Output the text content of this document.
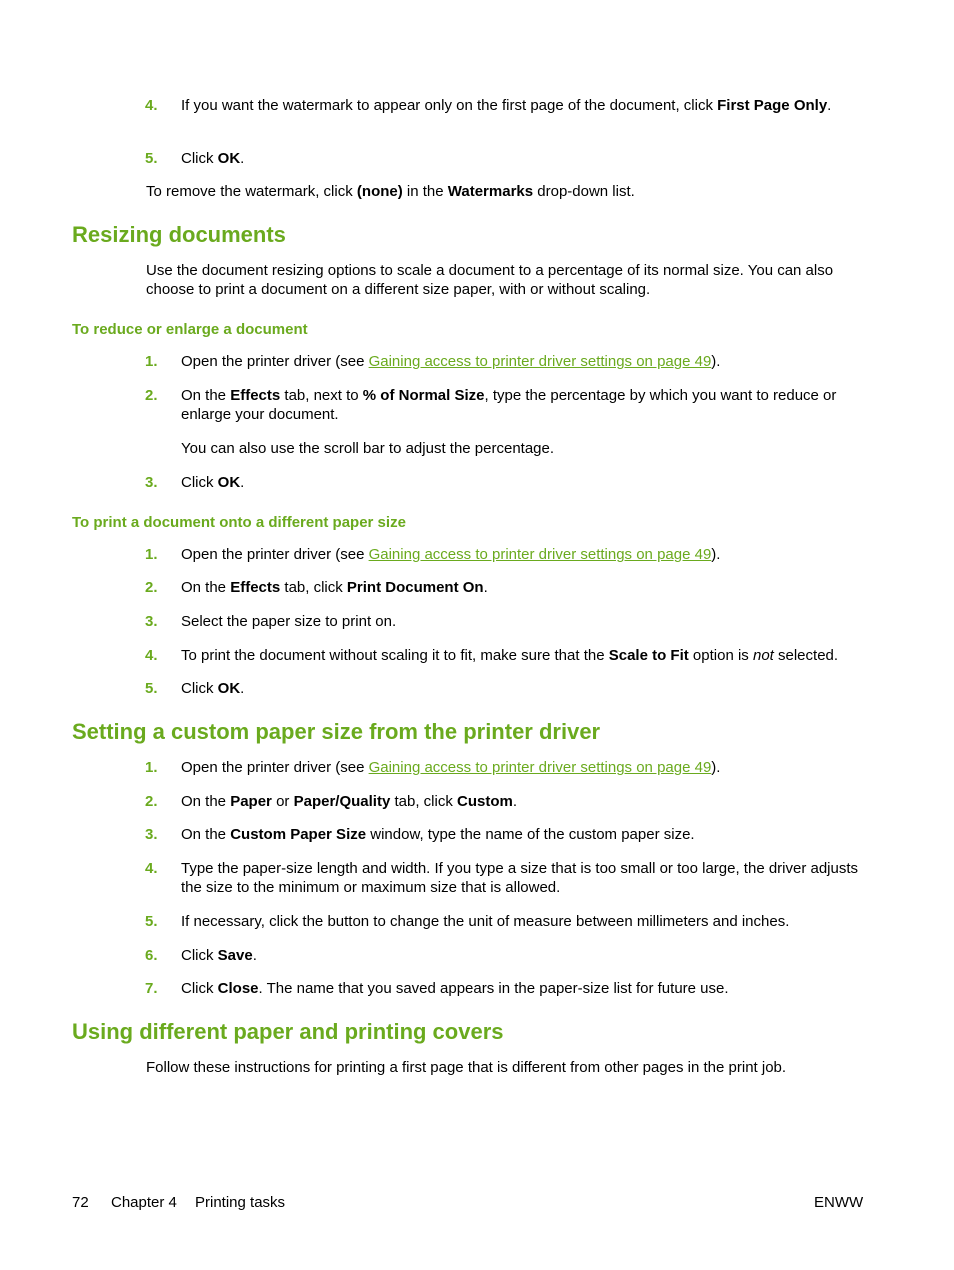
4. If you want the watermark to appear only on the first page of the document, click First Page Only.
5. Click OK.
To remove the watermark, click (none) in the Watermarks drop-down list.
Resizing documents
Use the document resizing options to scale a document to a percentage of its normal size. You can also choose to print a document on a different size paper, with or without scaling.
To reduce or enlarge a document
1. Open the printer driver (see Gaining access to printer driver settings on page 49).
2. On the Effects tab, next to % of Normal Size, type the percentage by which you want to reduce or enlarge your document.
You can also use the scroll bar to adjust the percentage.
3. Click OK.
To print a document onto a different paper size
1. Open the printer driver (see Gaining access to printer driver settings on page 49).
2. On the Effects tab, click Print Document On.
3. Select the paper size to print on.
4. To print the document without scaling it to fit, make sure that the Scale to Fit option is not selected.
5. Click OK.
Setting a custom paper size from the printer driver
1. Open the printer driver (see Gaining access to printer driver settings on page 49).
2. On the Paper or Paper/Quality tab, click Custom.
3. On the Custom Paper Size window, type the name of the custom paper size.
4. Type the paper-size length and width. If you type a size that is too small or too large, the driver adjusts the size to the minimum or maximum size that is allowed.
5. If necessary, click the button to change the unit of measure between millimeters and inches.
6. Click Save.
7. Click Close. The name that you saved appears in the paper-size list for future use.
Using different paper and printing covers
Follow these instructions for printing a first page that is different from other pages in the print job.
72 Chapter 4 Printing tasks	ENWW
